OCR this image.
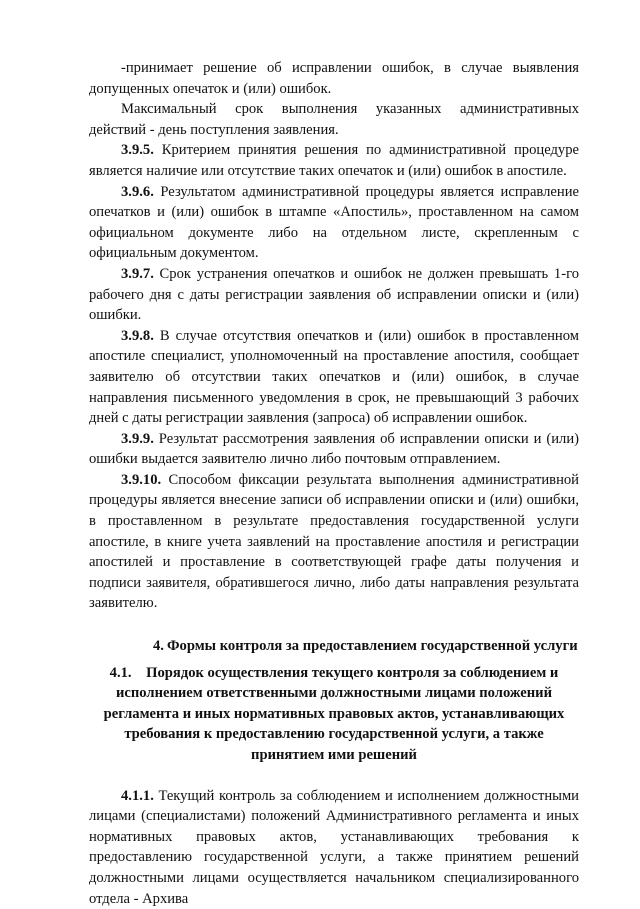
-принимает решение об исправлении ошибок, в случае выявления допущенных опечаток и (или) ошибок.

Максимальный срок выполнения указанных административных действий - день поступления заявления.

3.9.5. Критерием принятия решения по административной процедуре является наличие или отсутствие таких опечаток и (или) ошибок в апостиле.

3.9.6. Результатом административной процедуры является исправление опечатков и (или) ошибок в штампе «Апостиль», проставленном на самом официальном документе либо на отдельном листе, скрепленным с официальным документом.

3.9.7. Срок устранения опечатков и ошибок не должен превышать 1-го рабочего дня с даты регистрации заявления об исправлении описки и (или) ошибки.

3.9.8. В случае отсутствия опечатков и (или) ошибок в проставленном апостиле специалист, уполномоченный на проставление апостиля, сообщает заявителю об отсутствии таких опечатков и (или) ошибок, в случае направления письменного уведомления в срок, не превышающий 3 рабочих дней с даты регистрации заявления (запроса) об исправлении ошибок.

3.9.9. Результат рассмотрения заявления об исправлении описки и (или) ошибки выдается заявителю лично либо почтовым отправлением.

3.9.10. Способом фиксации результата выполнения административной процедуры является внесение записи об исправлении описки и (или) ошибки, в проставленном в результате предоставления государственной услуги апостиле, в книге учета заявлений на проставление апостиля и регистрации апостилей и проставление в соответствующей графе даты получения и подписи заявителя, обратившегося лично, либо даты направления результата заявителю.

4. Формы контроля за предоставлением государственной услуги

4.1. Порядок осуществления текущего контроля за соблюдением и исполнением ответственными должностными лицами положений регламента и иных нормативных правовых актов, устанавливающих требования к предоставлению государственной услуги, а также принятием ими решений

4.1.1. Текущий контроль за соблюдением и исполнением должностными лицами (специалистами) положений Административного регламента и иных нормативных правовых актов, устанавливающих требования к предоставлению государственной услуги, а также принятием решений должностными лицами осуществляется начальником специализированного отдела - Архива
